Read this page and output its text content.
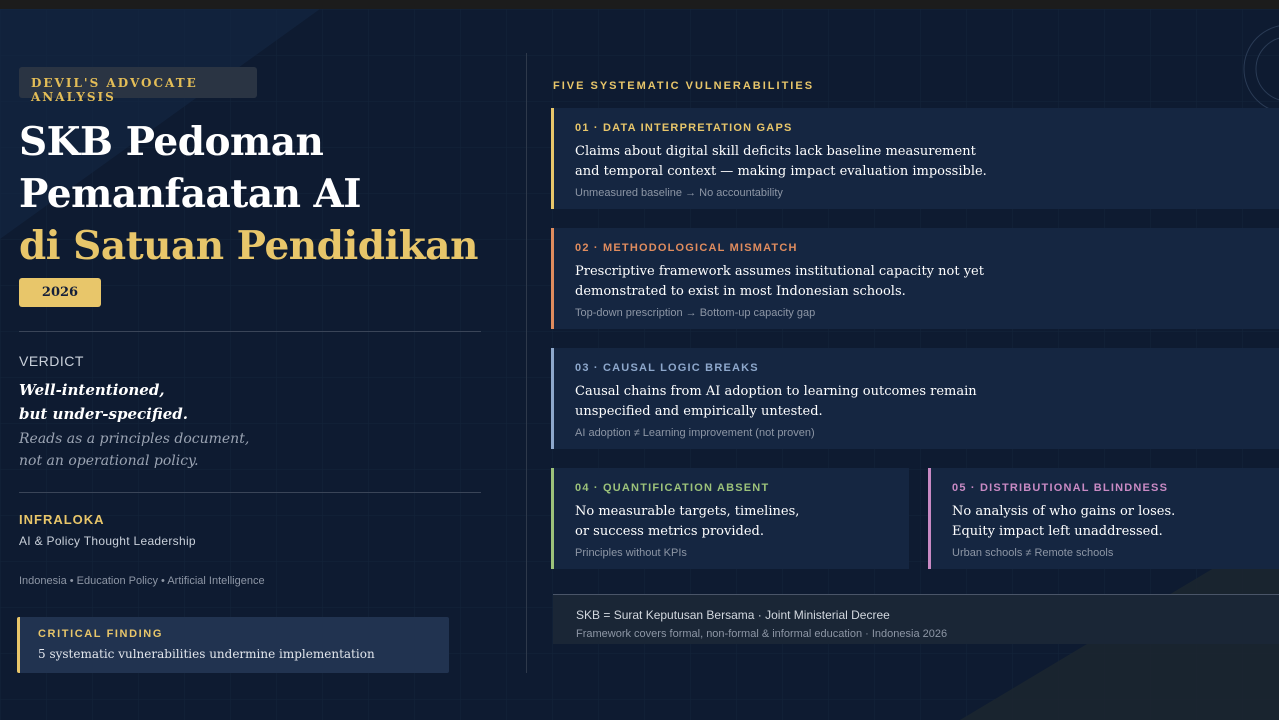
DEVIL'S ADVOCATE ANALYSIS
SKB Pedoman
Pemanfaatan AI
di Satuan Pendidikan
2026
VERDICT
Well-intentioned,
but under-specified.
Reads as a principles document,
not an operational policy.
INFRALOKA
AI & Policy Thought Leadership
Indonesia • Education Policy • Artificial Intelligence
CRITICAL FINDING
5 systematic vulnerabilities undermine implementation
FIVE SYSTEMATIC VULNERABILITIES
01 · DATA INTERPRETATION GAPS
Claims about digital skill deficits lack baseline measurement
and temporal context — making impact evaluation impossible.
Unmeasured baseline → No accountability
02 · METHODOLOGICAL MISMATCH
Prescriptive framework assumes institutional capacity not yet
demonstrated to exist in most Indonesian schools.
Top-down prescription → Bottom-up capacity gap
03 · CAUSAL LOGIC BREAKS
Causal chains from AI adoption to learning outcomes remain
unspecified and empirically untested.
AI adoption ≠ Learning improvement (not proven)
04 · QUANTIFICATION ABSENT
No measurable targets, timelines,
or success metrics provided.
Principles without KPIs
05 · DISTRIBUTIONAL BLINDNESS
No analysis of who gains or loses.
Equity impact left unaddressed.
Urban schools ≠ Remote schools
SKB = Surat Keputusan Bersama · Joint Ministerial Decree
Framework covers formal, non-formal & informal education · Indonesia 2026
